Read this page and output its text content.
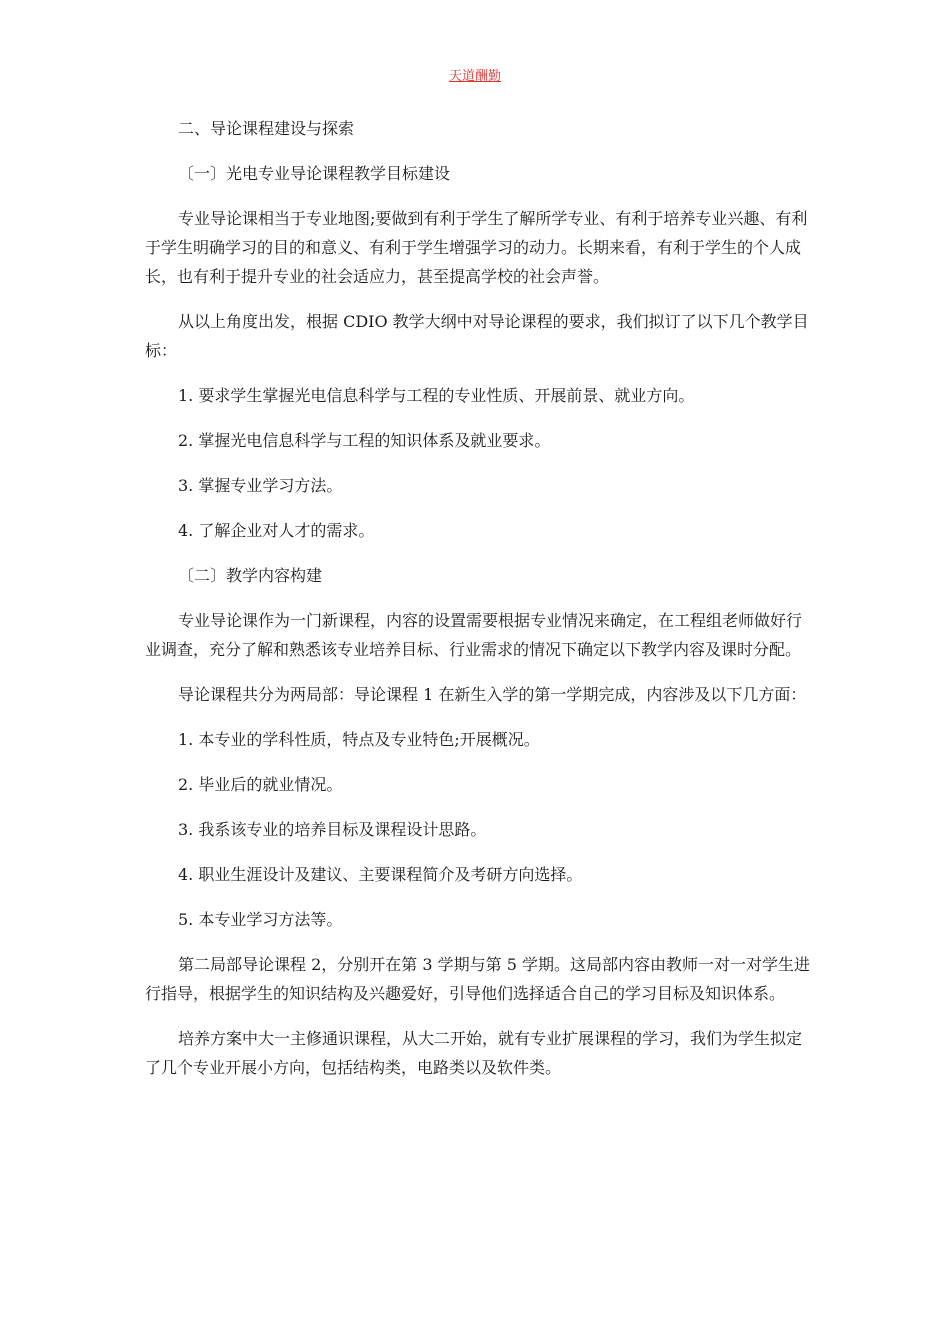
天道酬勤

二、导论课程建设与探索

〔一〕光电专业导论课程教学目标建设

专业导论课相当于专业地图;要做到有利于学生了解所学专业、有利于培养专业兴趣、有利于学生明确学习的目的和意义、有利于学生增强学习的动力。长期来看，有利于学生的个人成长，也有利于提升专业的社会适应力，甚至提高学校的社会声誉。

从以上角度出发，根据 CDIO 教学大纲中对导论课程的要求，我们拟订了以下几个教学目标：

1. 要求学生掌握光电信息科学与工程的专业性质、开展前景、就业方向。

2. 掌握光电信息科学与工程的知识体系及就业要求。

3. 掌握专业学习方法。

4. 了解企业对人才的需求。

〔二〕教学内容构建

专业导论课作为一门新课程，内容的设置需要根据专业情况来确定，在工程组老师做好行业调查，充分了解和熟悉该专业培养目标、行业需求的情况下确定以下教学内容及课时分配。

导论课程共分为两局部：导论课程 1 在新生入学的第一学期完成，内容涉及以下几方面：

1. 本专业的学科性质，特点及专业特色;开展概况。

2. 毕业后的就业情况。

3. 我系该专业的培养目标及课程设计思路。

4. 职业生涯设计及建议、主要课程简介及考研方向选择。

5. 本专业学习方法等。

第二局部导论课程 2，分别开在第 3 学期与第 5 学期。这局部内容由教师一对一对学生进行指导，根据学生的知识结构及兴趣爱好，引导他们选择适合自己的学习目标及知识体系。

培养方案中大一主修通识课程，从大二开始，就有专业扩展课程的学习，我们为学生拟定了几个专业开展小方向，包括结构类，电路类以及软件类。
